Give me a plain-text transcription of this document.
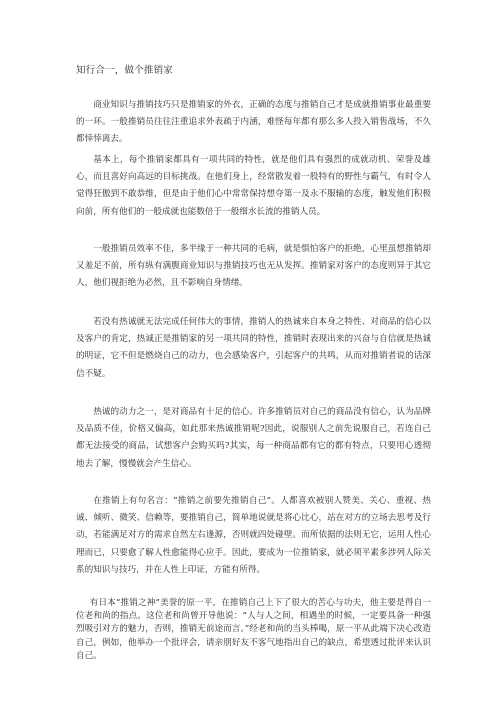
知行合一，做个推销家

商业知识与推销技巧只是推销家的外衣，正确的态度与推销自己才是成就推销事业最重要的一环。一般推销员往往注重追求外表疏于内涵，难怪每年都有那么多人投入销售战场，不久都悻悻离去。

基本上，每个推销家都具有一项共同的特性，就是他们具有强烈的成就动机、荣誉及雄心，而且喜好向高远的目标挑战。在他们身上，经常散发着一股特有的野性与霸气，有时令人觉得狂傲到不敢恭维，但是由于他们心中常常保持想夺第一及永不服输的态度，触发他们积极向前，所有他们的一般成就也能数倍于一般细水长流的推销人员。

一般推销员效率不佳，多半缘于一种共同的毛病，就是惧怕客户的拒绝，心里虽想推销却又羞足不前，所有纵有满腹商业知识与推销技巧也无从发挥。推销家对客户的态度则异于其它人，他们视拒绝为必然，且不影响自身情绪。

若没有热诚就无法完成任何伟大的事情，推销人的热诚来自本身之特性、对商品的信心以及客户的肯定，热诚正是推销家的另一项共同的特性，推销时表现出来的兴奋与自信就是热诚的明证，它不但是燃烧自己的动力，也会感染客户，引起客户的共鸣，从而对推销者说的话深信不疑。

热诚的动力之一，是对商品有十足的信心。许多推销员对自己的商品没有信心，认为品牌及品质不佳，价格又偏高，如此那来热诚推销呢?因此，说服别人之前先说服自己，若连自己都无法接受的商品，试想客户会购买吗?其实，每一种商品都有它的都有特点，只要用心透彻地去了解，慢慢就会产生信心。

在推销上有句名言：“推销之前要先推销自己”。人都喜欢被别人赞美、关心、重视、热诚、倾听、微笑、信赖等，要推销自己，简单地说就是将心比心，站在对方的立场去思考及行动，若能满足对方的需求自然左右逢源，否则就四处碰壁。而所依据的法则无它，运用人性心理而已，只要愈了解人性愈能得心应手。因此，要成为一位推销家，就必须平素多涉列人际关系的知识与技巧，并在人性上印证，方能有所得。

有日本“推销之神”美誉的原一平，在推销自己上下了很大的苦心与功夫，他主要是得自一位老和尚的指点。这位老和尚曾开导他说：“人与人之间，相遇坐的时候，一定要具备一种强烈吸引对方的魅力，否则，推销无前途而言。”经老和尚的当头棒喝，原一平从此端下决心改造自己，例如，他举办一个批评会，请亲朋好友不客气地指出自己的缺点，希望透过批评来认识自己。
